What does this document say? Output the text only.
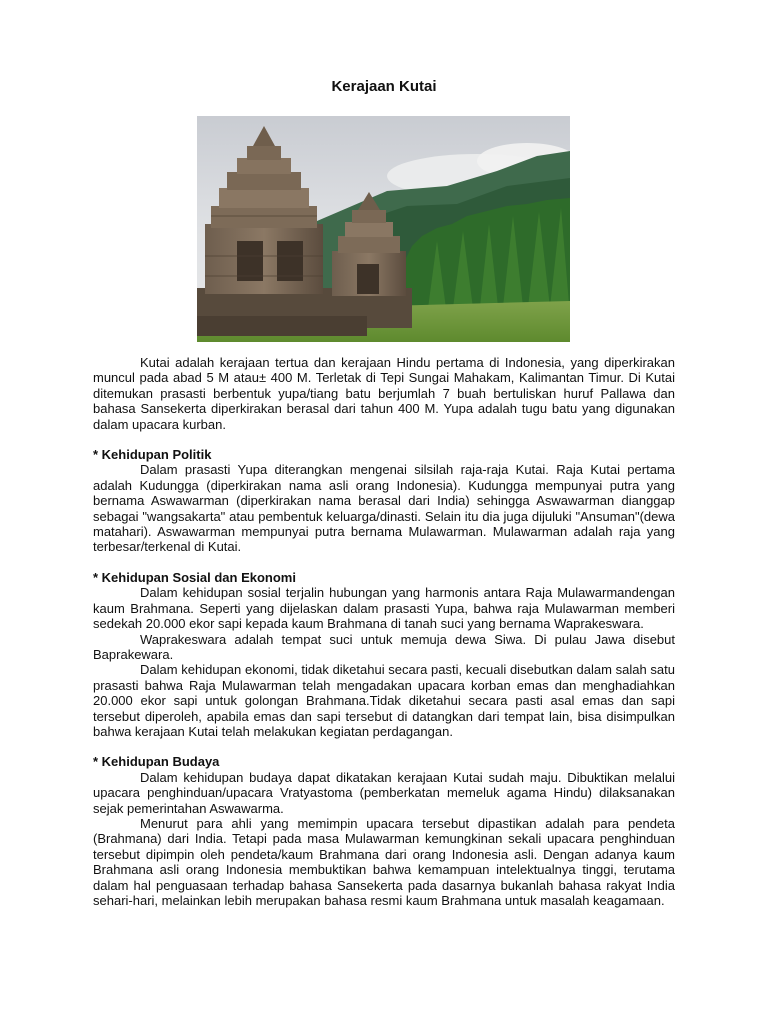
Kerajaan Kutai

Kutai adalah kerajaan tertua dan kerajaan Hindu pertama di Indonesia, yang diperkirakan muncul pada abad 5 M atau± 400 M. Terletak di Tepi Sungai Mahakam, Kalimantan Timur. Di Kutai ditemukan prasasti berbentuk yupa/tiang batu berjumlah 7 buah bertuliskan huruf Pallawa dan bahasa Sansekerta diperkirakan berasal dari tahun 400 M. Yupa adalah tugu batu yang digunakan dalam upacara kurban.

* Kehidupan Politik

Dalam prasasti Yupa diterangkan mengenai silsilah raja-raja Kutai. Raja Kutai pertama adalah Kudungga (diperkirakan nama asli orang Indonesia). Kudungga mempunyai putra yang bernama Aswawarman (diperkirakan nama berasal dari India) sehingga Aswawarman dianggap sebagai "wangsakarta" atau pembentuk keluarga/dinasti. Selain itu dia juga dijuluki "Ansuman"(dewa matahari). Aswawarman mempunyai putra bernama Mulawarman. Mulawarman adalah raja yang terbesar/terkenal di Kutai.

* Kehidupan Sosial dan Ekonomi

Dalam kehidupan sosial terjalin hubungan yang harmonis antara Raja Mulawarmandengan kaum Brahmana. Seperti yang dijelaskan dalam prasasti Yupa, bahwa raja Mulawarman memberi sedekah 20.000 ekor sapi kepada kaum Brahmana di tanah suci yang bernama Waprakeswara.

Waprakeswara adalah tempat suci untuk memuja dewa Siwa. Di pulau Jawa disebut Baprakewara.

Dalam kehidupan ekonomi, tidak diketahui secara pasti, kecuali disebutkan dalam salah satu prasasti bahwa Raja Mulawarman telah mengadakan upacara korban emas dan menghadiahkan 20.000 ekor sapi untuk golongan Brahmana.Tidak diketahui secara pasti asal emas dan sapi tersebut diperoleh, apabila emas dan sapi tersebut di datangkan dari tempat lain, bisa disimpulkan bahwa kerajaan Kutai telah melakukan kegiatan perdagangan.

* Kehidupan Budaya

Dalam kehidupan budaya dapat dikatakan kerajaan Kutai sudah maju. Dibuktikan melalui upacara penghinduan/upacara Vratyastoma (pemberkatan memeluk agama Hindu) dilaksanakan sejak pemerintahan Aswawarma.

Menurut para ahli yang memimpin upacara tersebut dipastikan adalah para pendeta (Brahmana) dari India. Tetapi pada masa Mulawarman kemungkinan sekali upacara penghinduan tersebut dipimpin oleh pendeta/kaum Brahmana dari orang Indonesia asli. Dengan adanya kaum Brahmana asli orang Indonesia membuktikan bahwa kemampuan intelektualnya tinggi, terutama dalam hal penguasaan terhadap bahasa Sansekerta pada dasarnya bukanlah bahasa rakyat India sehari-hari, melainkan lebih merupakan bahasa resmi kaum Brahmana untuk masalah keagamaan.
